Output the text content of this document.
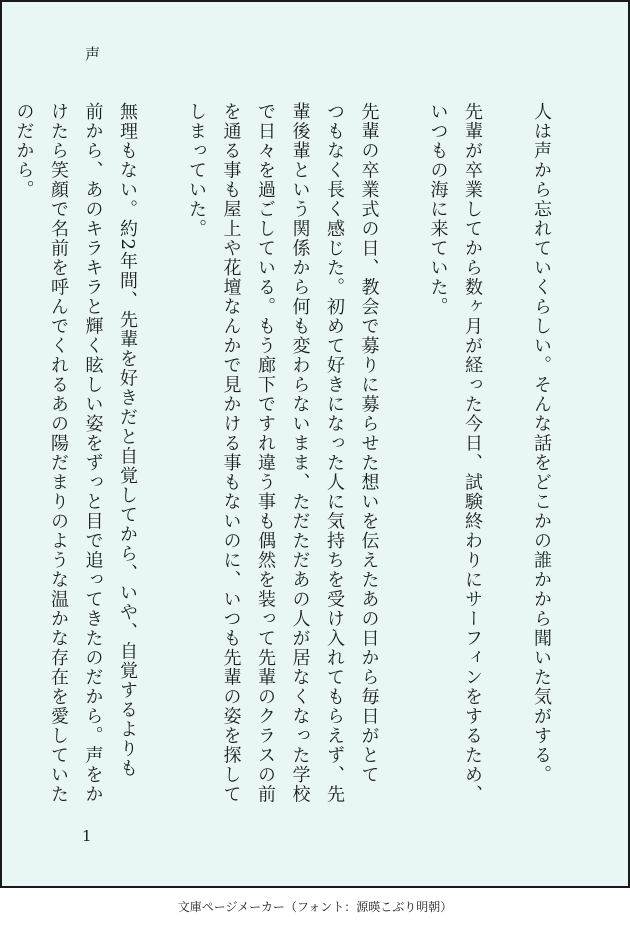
声
人は声から忘れていくらしい。そんな話をどこかの誰かから聞いた気がする。

先輩が卒業してから数ヶ月が経った今日、試験終わりにサーフィンをするため、
いつもの海に来ていた。

先輩の卒業式の日、教会で募りに募らせた想いを伝えたあの日から毎日がとて
つもなく長く感じた。初めて好きになった人に気持ちを受け入れてもらえず、先
輩後輩という関係から何も変わらないまま、ただただあの人が居なくなった学校
で日々を過ごしている。もう廊下ですれ違う事も偶然を装って先輩のクラスの前
を通る事も屋上や花壇なんかで見かける事もないのに、いつも先輩の姿を探して
しまっていた。

無理もない。約2年間、先輩を好きだと自覚してから、いや、自覚するよりも
前から、あのキラキラと輝く眩しい姿をずっと目で追ってきたのだから。声をか
けたら笑顔で名前を呼んでくれるあの陽だまりのような温かな存在を愛していた
のだから。
1
文庫ページメーカー（フォント：源暎こぶり明朝）
